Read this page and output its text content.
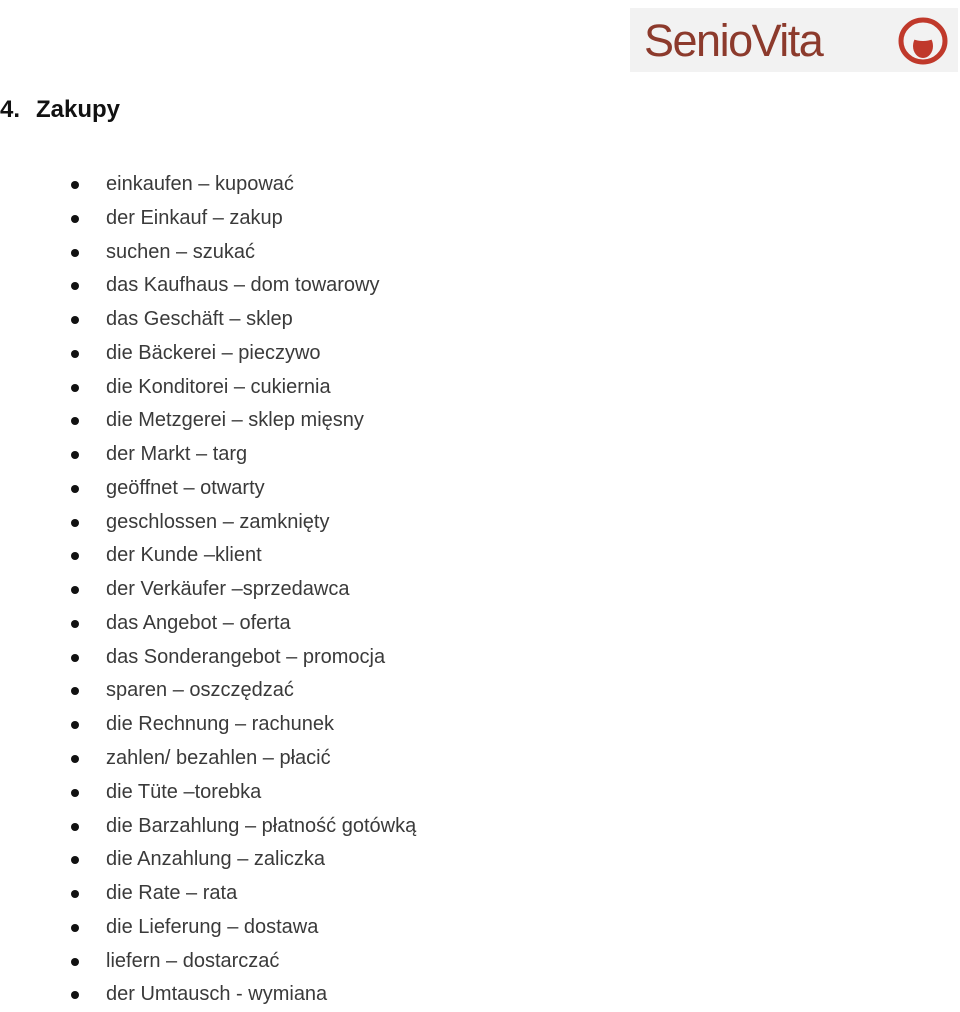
SenioVita
4. Zakupy
einkaufen – kupować
der Einkauf – zakup
suchen – szukać
das Kaufhaus – dom towarowy
das Geschäft – sklep
die Bäckerei – pieczywo
die Konditorei – cukiernia
die Metzgerei – sklep mięsny
der Markt – targ
geöffnet – otwarty
geschlossen – zamknięty
der Kunde –klient
der Verkäufer –sprzedawca
das Angebot – oferta
das Sonderangebot – promocja
sparen – oszczędzać
die Rechnung – rachunek
zahlen/ bezahlen – płacić
die Tüte –torebka
die Barzahlung – płatność gotówką
die Anzahlung – zaliczka
die Rate – rata
die Lieferung – dostawa
liefern – dostarczać
der Umtausch - wymiana
